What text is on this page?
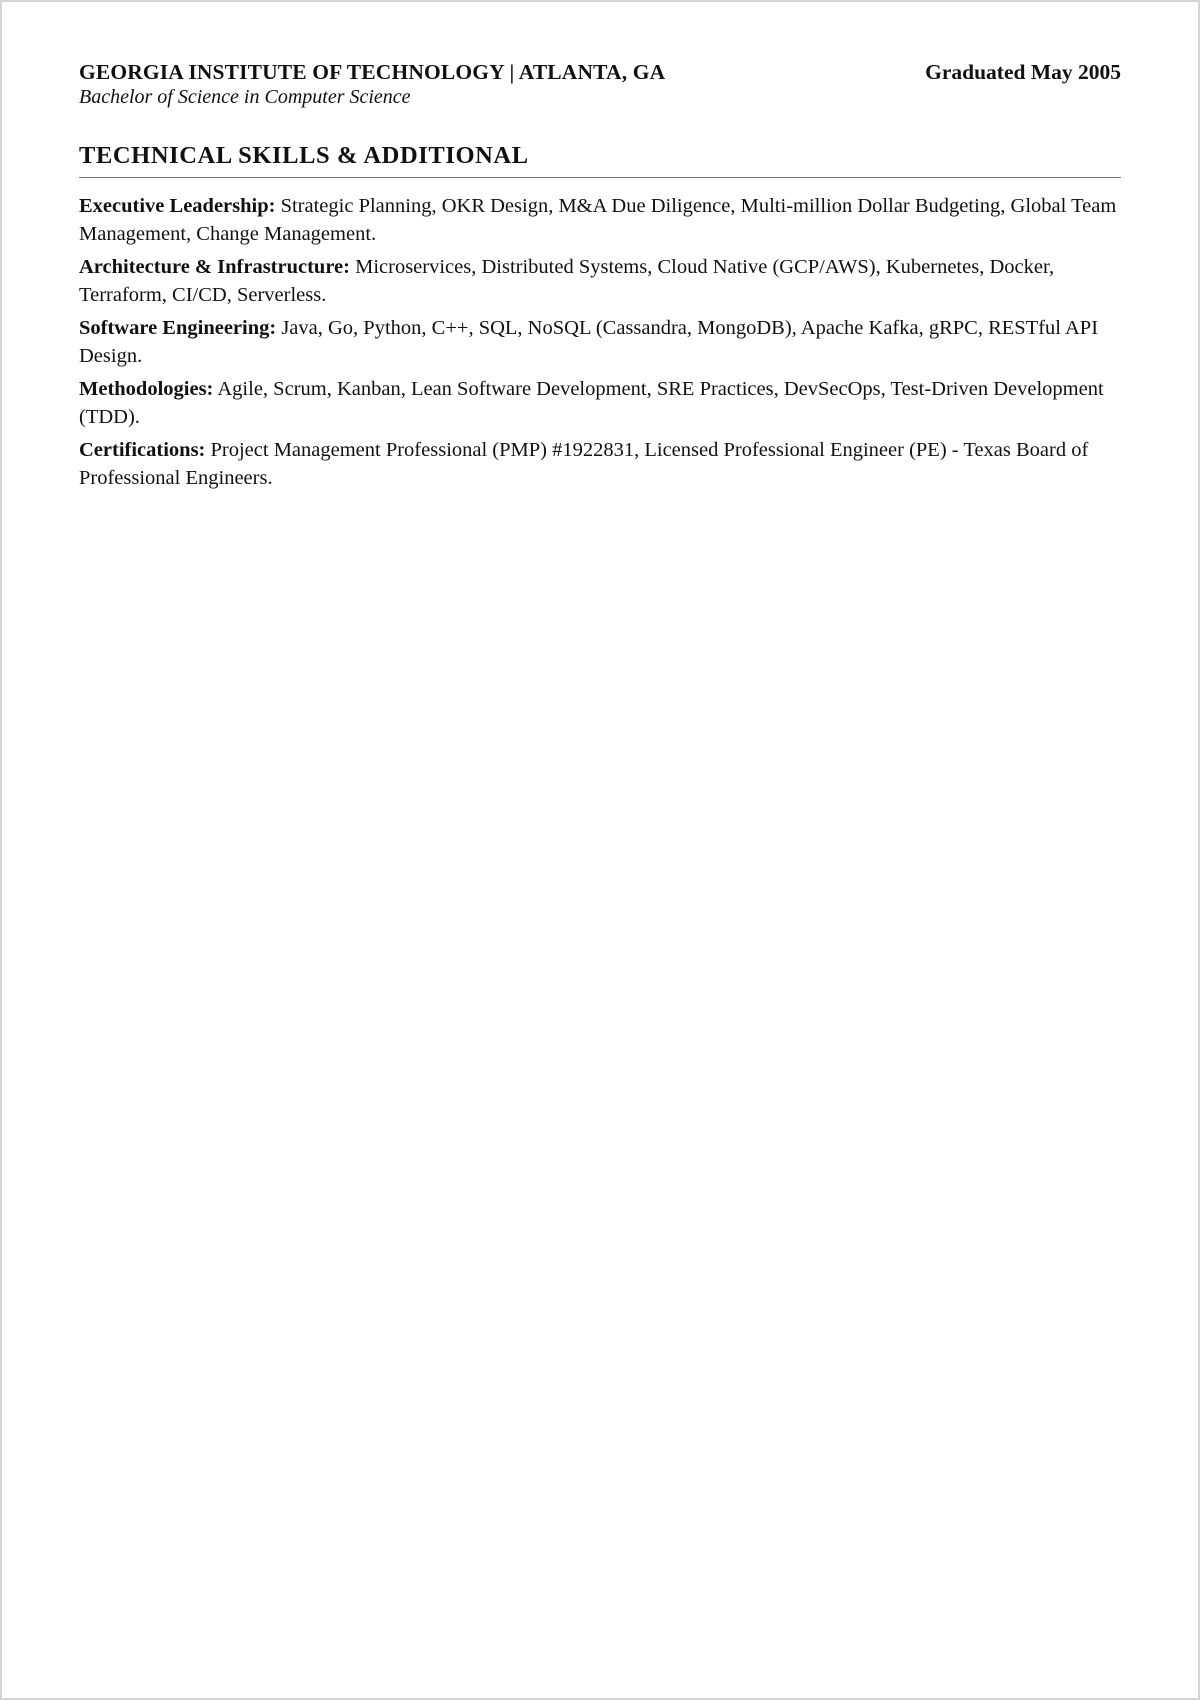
GEORGIA INSTITUTE OF TECHNOLOGY | ATLANTA, GA	Graduated May 2005
Bachelor of Science in Computer Science
TECHNICAL SKILLS & ADDITIONAL
Executive Leadership: Strategic Planning, OKR Design, M&A Due Diligence, Multi-million Dollar Budgeting, Global Team Management, Change Management.
Architecture & Infrastructure: Microservices, Distributed Systems, Cloud Native (GCP/AWS), Kubernetes, Docker, Terraform, CI/CD, Serverless.
Software Engineering: Java, Go, Python, C++, SQL, NoSQL (Cassandra, MongoDB), Apache Kafka, gRPC, RESTful API Design.
Methodologies: Agile, Scrum, Kanban, Lean Software Development, SRE Practices, DevSecOps, Test-Driven Development (TDD).
Certifications: Project Management Professional (PMP) #1922831, Licensed Professional Engineer (PE) - Texas Board of Professional Engineers.
